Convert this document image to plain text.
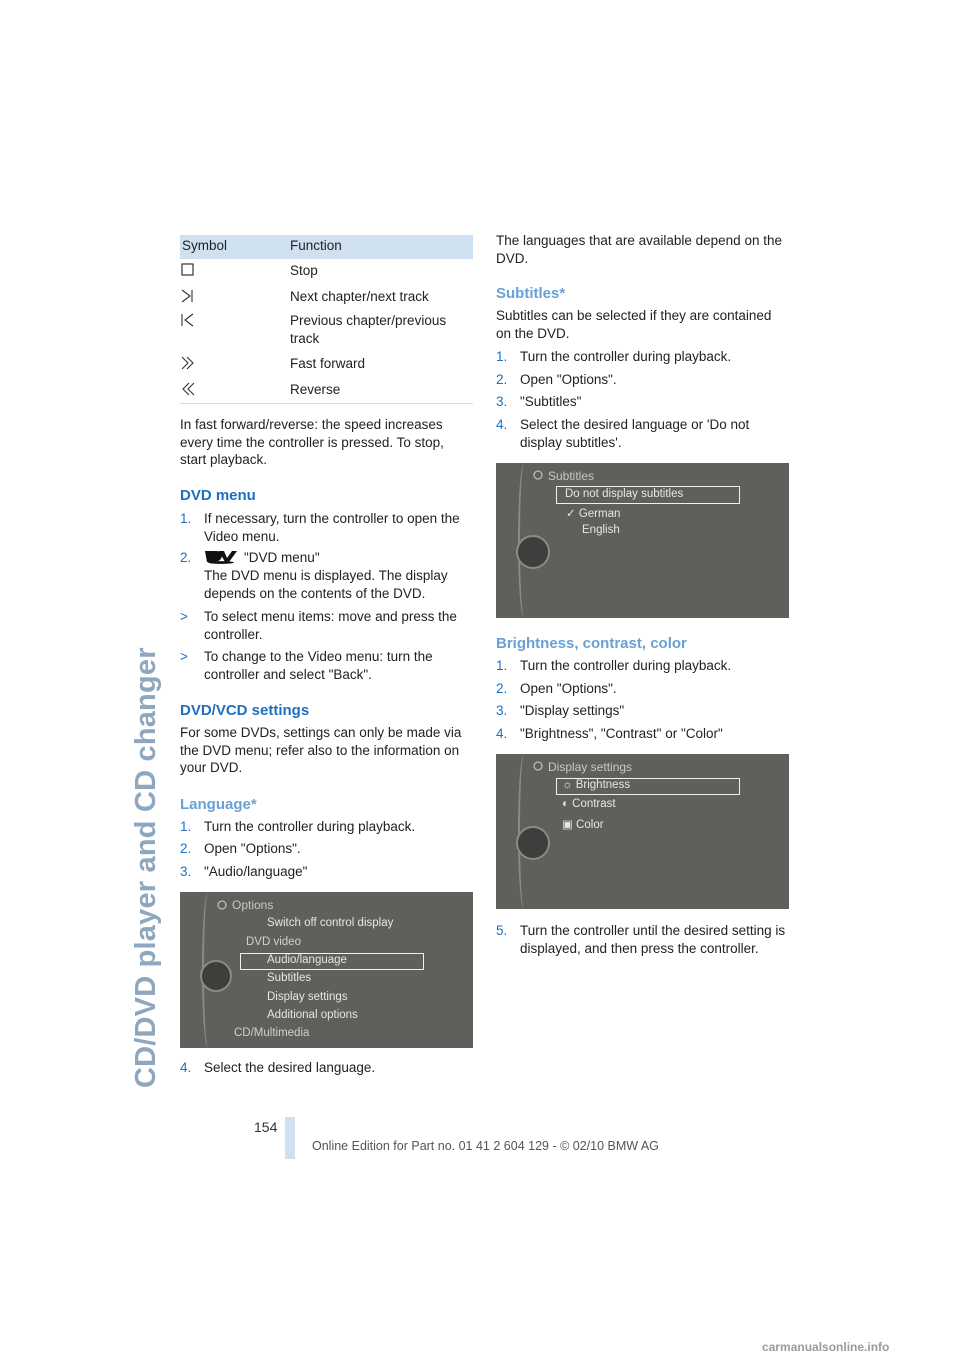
CD/DVD player and CD changer
Symbol	Function
Stop
Next chapter/next track
Previous chapter/previous track
Fast forward
Reverse

In fast forward/reverse: the speed increases every time the controller is pressed. To stop, start playback.

DVD menu
1. If necessary, turn the controller to open the Video menu.
2.	"DVD menu"
The DVD menu is displayed. The display depends on the contents of the DVD.
> To select menu items: move and press the controller.
> To change to the Video menu: turn the controller and select "Back".
DVD/VCD settings

For some DVDs, settings can only be made via the DVD menu; refer also to the information on your DVD.

Language*
1. Turn the controller during playback.
2. Open "Options".
3. "Audio/language"
Options
Switch off control display
DVD video
Audio/language
Subtitles
Display settings
Additional options
CD/Multimedia
4. Select the desired language.

The languages that are available depend on the DVD.

Subtitles*

Subtitles can be selected if they are contained on the DVD.

1. Turn the controller during playback.
2. Open "Options".
3. "Subtitles"
4. Select the desired language or 'Do not display subtitles'.
Subtitles
Do not display subtitles
✓ German
English
Brightness, contrast, color
1. Turn the controller during playback.
2. Open "Options".
3. "Display settings"
4. "Brightness", "Contrast" or "Color"
Display settings
☼ Brightness
◐ Contrast
▣ Color
5. Turn the controller until the desired setting is displayed, and then press the controller.
154
Online Edition for Part no. 01 41 2 604 129 - © 02/10 BMW AG
carmanualsonline.info
